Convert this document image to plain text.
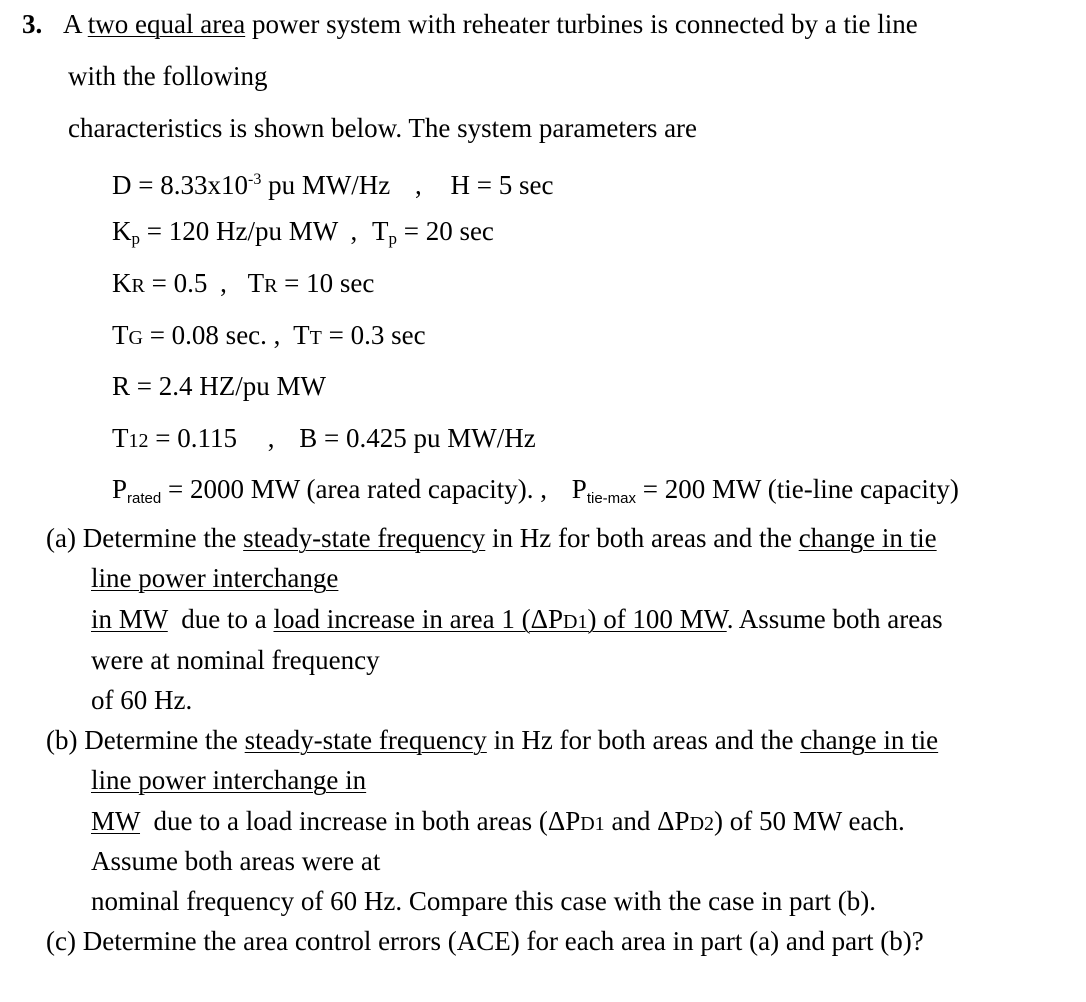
3. A two equal area power system with reheater turbines is connected by a tie line
with the following
characteristics is shown below. The system parameters are
$D = 8.33x10^{-3}$ pu MW/Hz , H = 5 sec
$K_p = 120$ Hz/pu MW , $T_p = 20$ sec
KR = 0.5 , TR = 10 sec
TG = 0.08 sec. , TT = 0.3 sec
R = 2.4 HZ/pu MW
T12 = 0.115 , B = 0.425 pu MW/Hz
Prated = 2000 MW (area rated capacity). , Ptie-max = 200 MW (tie-line capacity)
(a) Determine the steady-state frequency in Hz for both areas and the change in tie
line power interchange
in MW  due to a load increase in area 1 (ΔPD1) of 100 MW. Assume both areas
were at nominal frequency
of 60 Hz.
(b) Determine the steady-state frequency in Hz for both areas and the change in tie
line power interchange in
MW  due to a load increase in both areas (ΔPD1 and ΔPD2) of 50 MW each.
Assume both areas were at
nominal frequency of 60 Hz. Compare this case with the case in part (b).
(c) Determine the area control errors (ACE) for each area in part (a) and part (b)?
